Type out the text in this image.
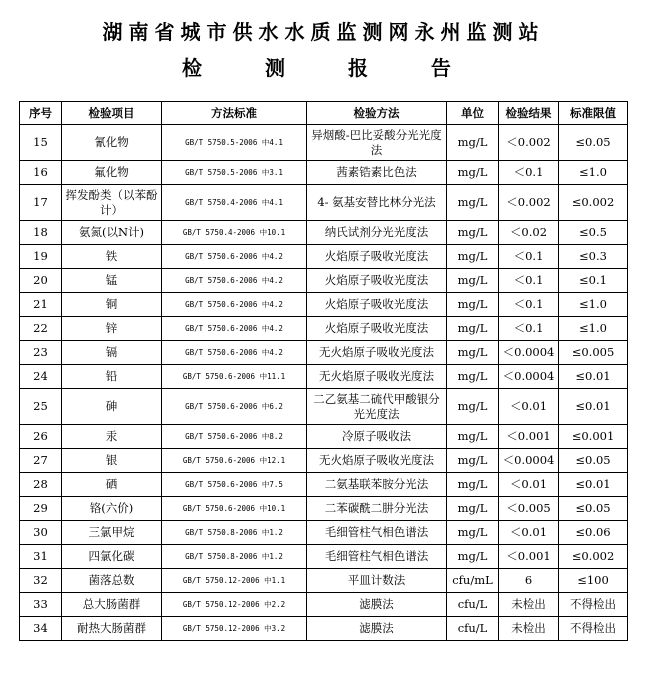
湖南省城市供水水质监测网永州监测站
检 测 报 告
序号	检验项目	方法标准	检验方法	单位	检验结果	标准限值
15	氰化物	GB/T 5750.5-2006 中4.1	异烟酸-巴比妥酸分光光度法	mg/L	＜0.002	≤0.05
16	氟化物	GB/T 5750.5-2006 中3.1	茜素锆素比色法	mg/L	＜0.1	≤1.0
17	挥发酚类（以苯酚计）	GB/T 5750.4-2006 中4.1	4- 氨基安替比林分光法	mg/L	＜0.002	≤0.002
18	氨氮(以N计)	GB/T 5750.4-2006 中10.1	纳氏试剂分光光度法	mg/L	＜0.02	≤0.5
19	铁	GB/T 5750.6-2006 中4.2	火焰原子吸收光度法	mg/L	＜0.1	≤0.3
20	锰	GB/T 5750.6-2006 中4.2	火焰原子吸收光度法	mg/L	＜0.1	≤0.1
21	铜	GB/T 5750.6-2006 中4.2	火焰原子吸收光度法	mg/L	＜0.1	≤1.0
22	锌	GB/T 5750.6-2006 中4.2	火焰原子吸收光度法	mg/L	＜0.1	≤1.0
23	镉	GB/T 5750.6-2006 中4.2	无火焰原子吸收光度法	mg/L	＜0.0004	≤0.005
24	铅	GB/T 5750.6-2006 中11.1	无火焰原子吸收光度法	mg/L	＜0.0004	≤0.01
25	砷	GB/T 5750.6-2006 中6.2	二乙氨基二硫代甲酸银分光光度法	mg/L	＜0.01	≤0.01
26	汞	GB/T 5750.6-2006 中8.2	冷原子吸收法	mg/L	＜0.001	≤0.001
27	银	GB/T 5750.6-2006 中12.1	无火焰原子吸收光度法	mg/L	＜0.0004	≤0.05
28	硒	GB/T 5750.6-2006 中7.5	二氨基联苯胺分光法	mg/L	＜0.01	≤0.01
29	铬(六价)	GB/T 5750.6-2006 中10.1	二苯碳酰二肼分光法	mg/L	＜0.005	≤0.05
30	三氯甲烷	GB/T 5750.8-2006 中1.2	毛细管柱气相色谱法	mg/L	＜0.01	≤0.06
31	四氯化碳	GB/T 5750.8-2006 中1.2	毛细管柱气相色谱法	mg/L	＜0.001	≤0.002
32	菌落总数	GB/T 5750.12-2006 中1.1	平皿计数法	cfu/mL	6	≤100
33	总大肠菌群	GB/T 5750.12-2006 中2.2	滤膜法	cfu/L	未检出	不得检出
34	耐热大肠菌群	GB/T 5750.12-2006 中3.2	滤膜法	cfu/L	未检出	不得检出
